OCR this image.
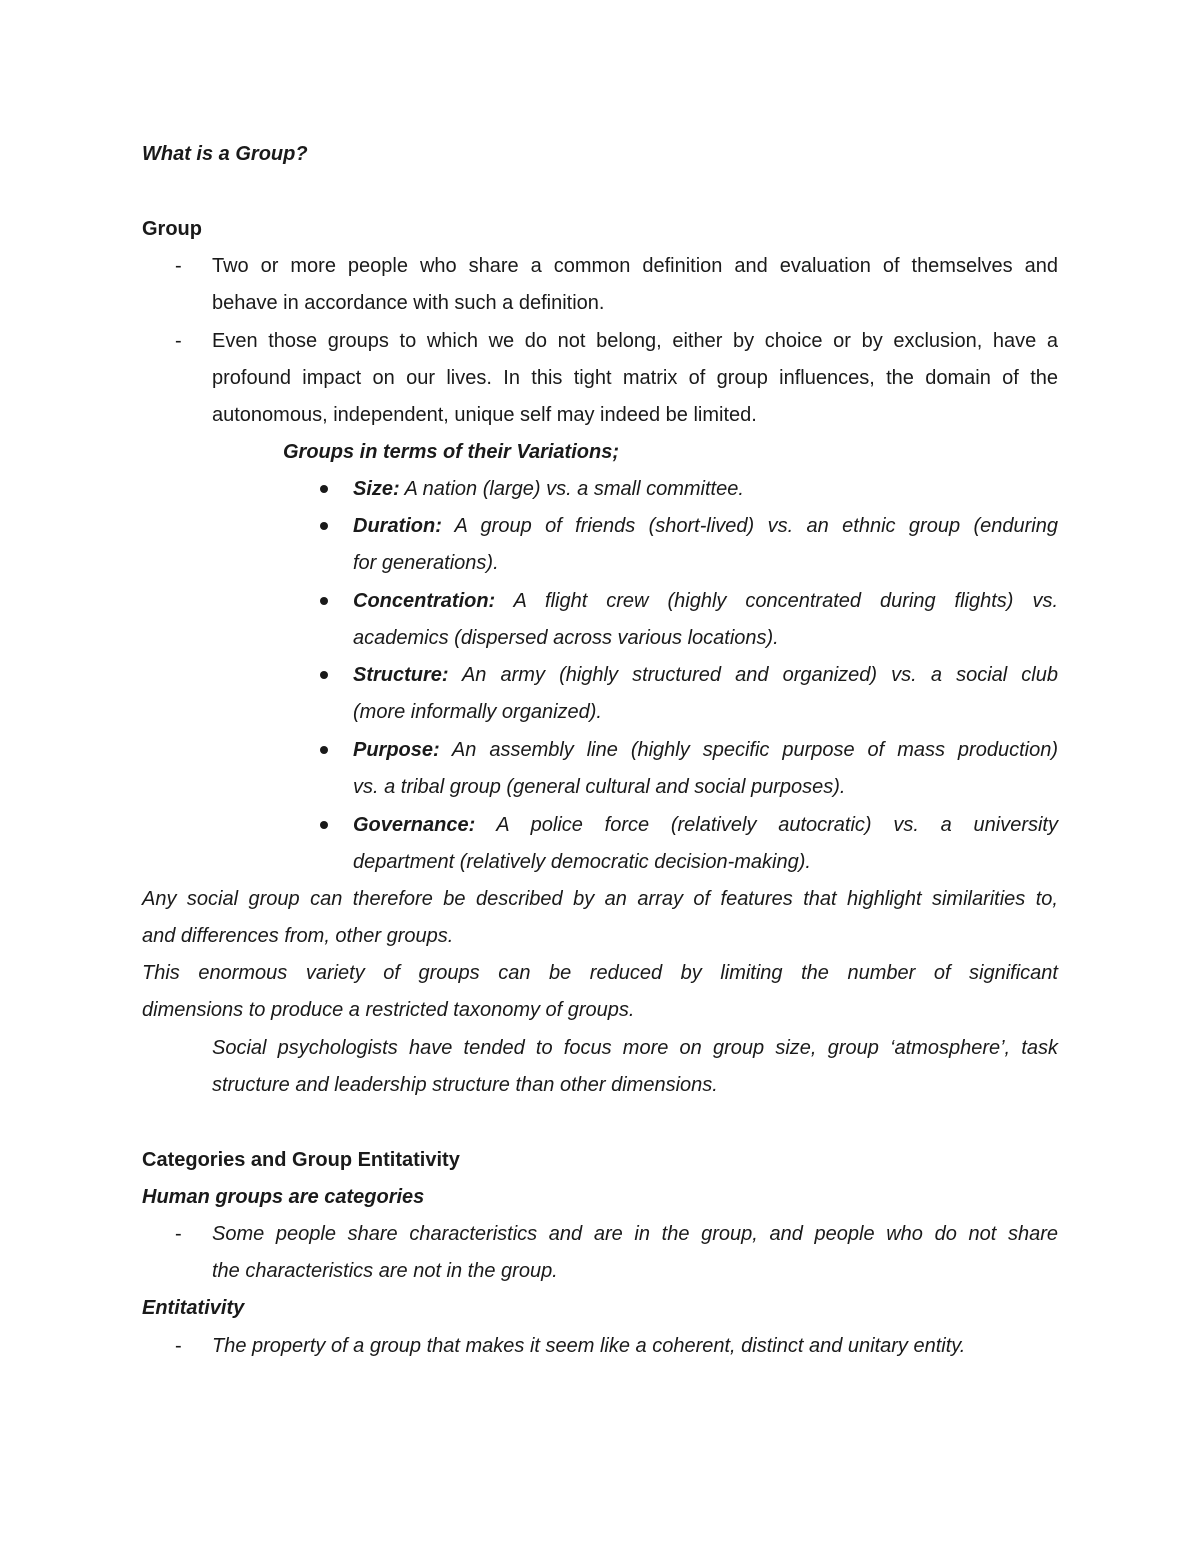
What is a Group?
Group
- Two or more people who share a common definition and evaluation of themselves and
behave in accordance with such a definition.
- Even those groups to which we do not belong, either by choice or by exclusion, have a
profound impact on our lives. In this tight matrix of group influences, the domain of the
autonomous, independent, unique self may indeed be limited.
Groups in terms of their Variations;
Size: A nation (large) vs. a small committee.
Duration: A group of friends (short-lived) vs. an ethnic group (enduring
for generations).
Concentration: A flight crew (highly concentrated during flights) vs.
academics (dispersed across various locations).
Structure: An army (highly structured and organized) vs. a social club
(more informally organized).
Purpose: An assembly line (highly specific purpose of mass production)
vs. a tribal group (general cultural and social purposes).
Governance: A police force (relatively autocratic) vs. a university
department (relatively democratic decision-making).
Any social group can therefore be described by an array of features that highlight similarities to,
and differences from, other groups.
This enormous variety of groups can be reduced by limiting the number of significant
dimensions to produce a restricted taxonomy of groups.
Social psychologists have tended to focus more on group size, group ‘atmosphere’, task
structure and leadership structure than other dimensions.
Categories and Group Entitativity
Human groups are categories
- Some people share characteristics and are in the group, and people who do not share
the characteristics are not in the group.
Entitativity
- The property of a group that makes it seem like a coherent, distinct and unitary entity.
